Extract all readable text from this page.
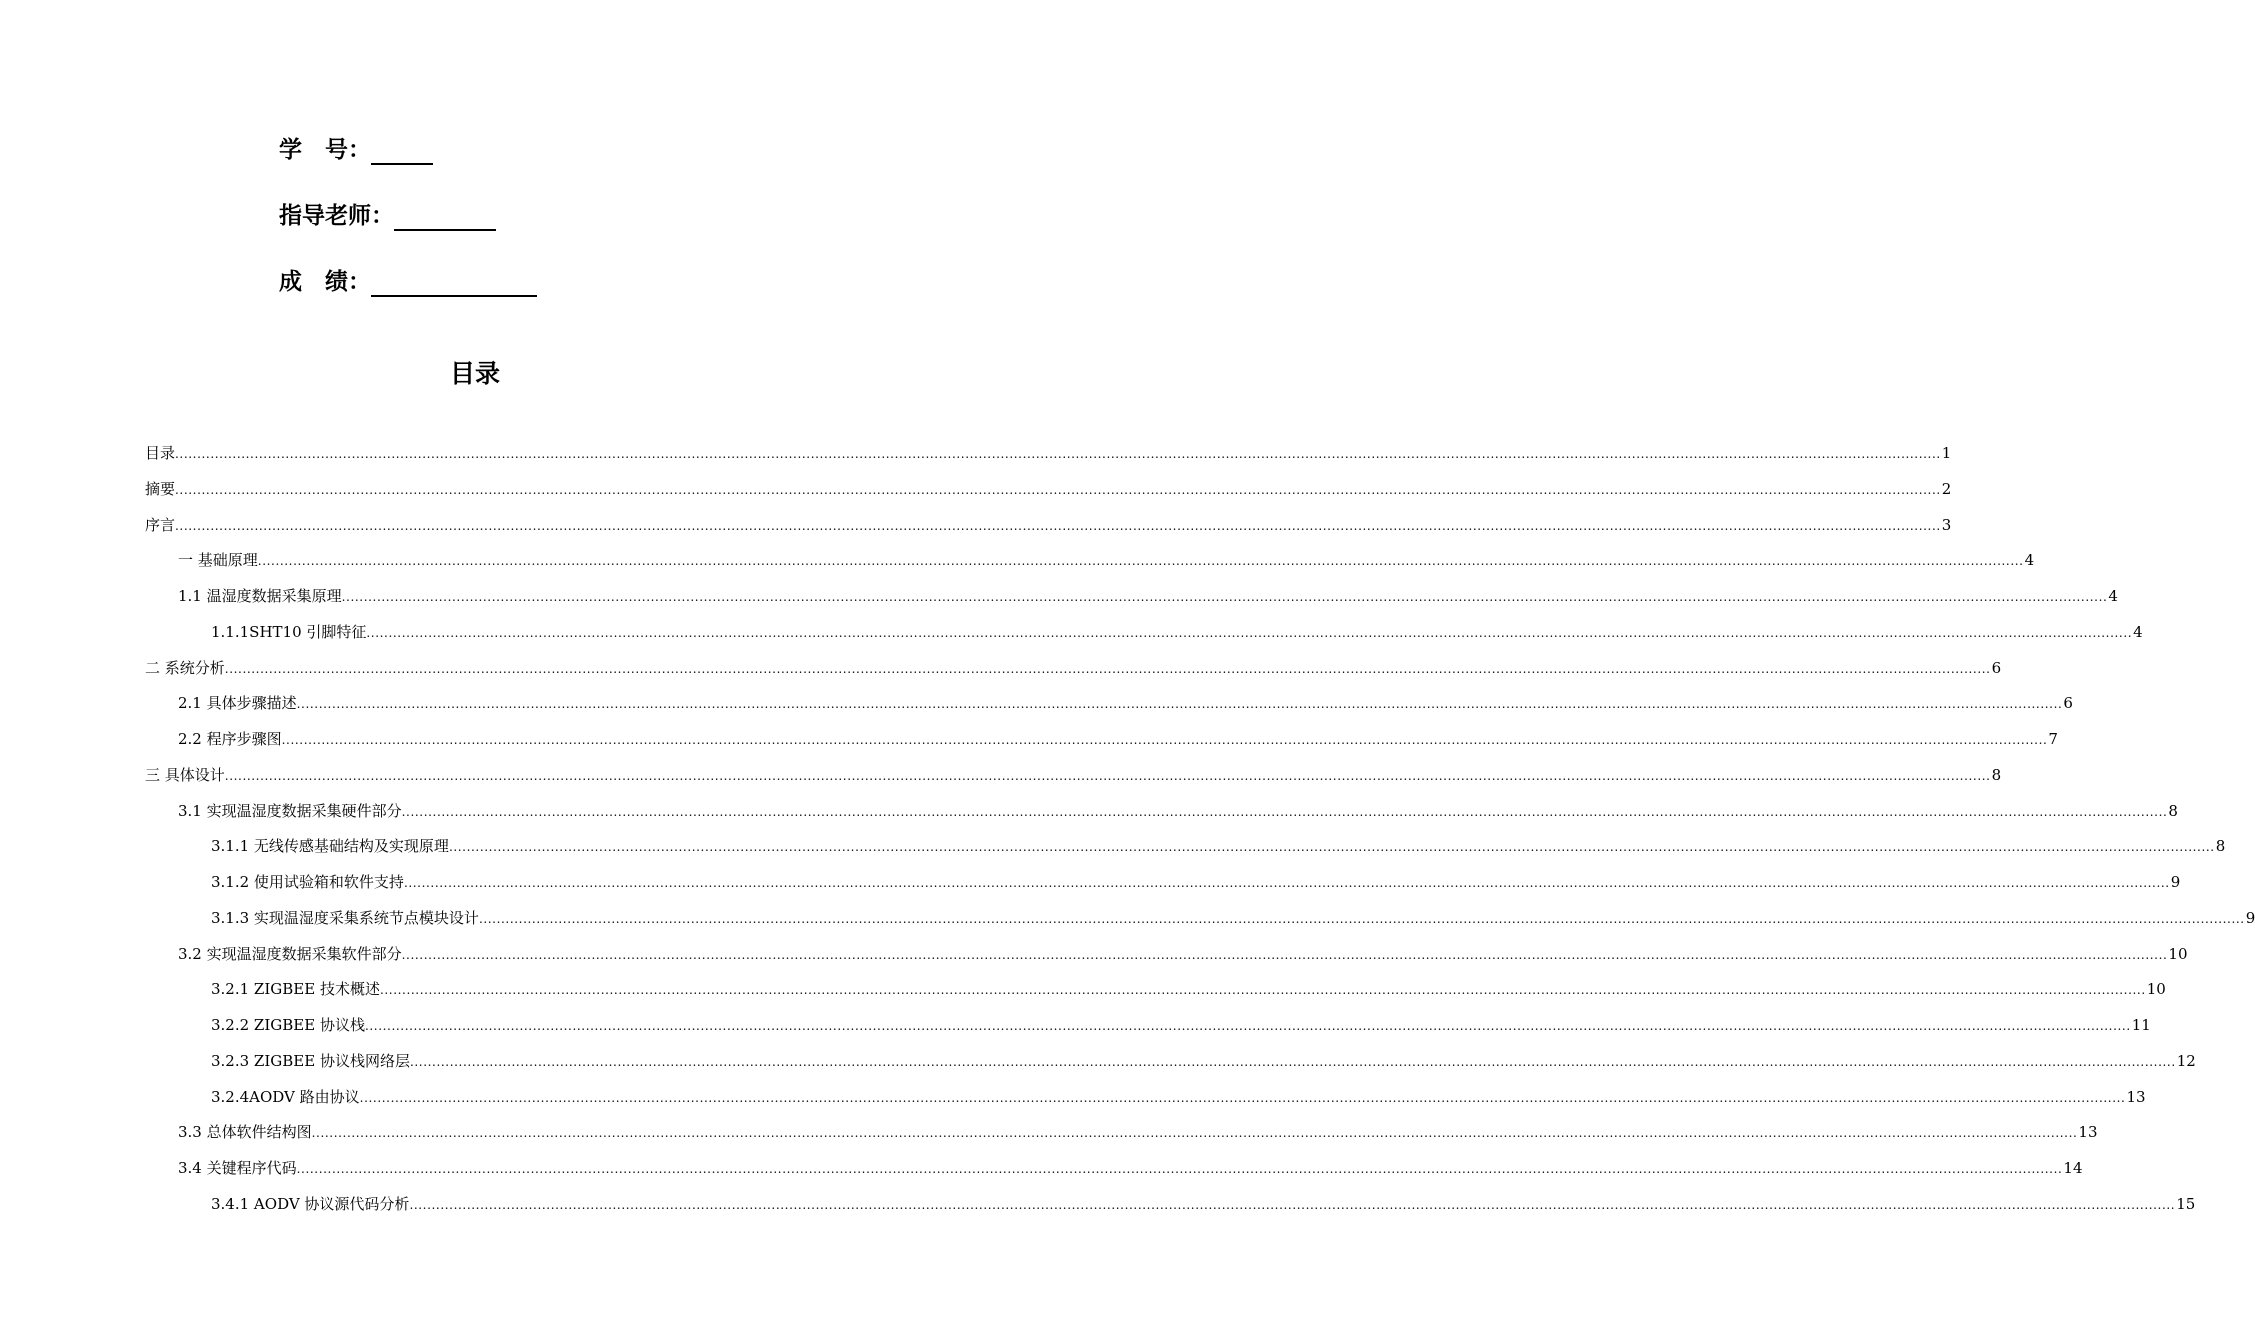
学　号：
指导老师：
成　绩：
目录
目录 ................................................................................................................................................................................................................................................................................................................................................................................................................ 1
摘要 ................................................................................................................................................................................................................................................................................................................................................................................................................ 2
序言 ................................................................................................................................................................................................................................................................................................................................................................................................................ 3
一 基础原理 ................................................................................................................................................................................................................................................................................................................................................................................................................ 4
1.1 温湿度数据采集原理 ................................................................................................................................................................................................................................................................................................................................................................................................................ 4
1.1.1SHT10 引脚特征 ................................................................................................................................................................................................................................................................................................................................................................................................................ 4
二 系统分析 ................................................................................................................................................................................................................................................................................................................................................................................................................ 6
2.1 具体步骤描述 ................................................................................................................................................................................................................................................................................................................................................................................................................ 6
2.2 程序步骤图 ................................................................................................................................................................................................................................................................................................................................................................................................................ 7
三 具体设计 ................................................................................................................................................................................................................................................................................................................................................................................................................ 8
3.1 实现温湿度数据采集硬件部分 ................................................................................................................................................................................................................................................................................................................................................................................................................ 8
3.1.1 无线传感基础结构及实现原理 ................................................................................................................................................................................................................................................................................................................................................................................................................ 8
3.1.2 使用试验箱和软件支持 ................................................................................................................................................................................................................................................................................................................................................................................................................ 9
3.1.3 实现温湿度采集系统节点模块设计 ................................................................................................................................................................................................................................................................................................................................................................................................................ 9
3.2 实现温湿度数据采集软件部分 ................................................................................................................................................................................................................................................................................................................................................................................................................ 10
3.2.1 ZIGBEE 技术概述 ................................................................................................................................................................................................................................................................................................................................................................................................................ 10
3.2.2 ZIGBEE 协议栈 ................................................................................................................................................................................................................................................................................................................................................................................................................ 11
3.2.3 ZIGBEE 协议栈网络层 ................................................................................................................................................................................................................................................................................................................................................................................................................ 12
3.2.4AODV 路由协议 ................................................................................................................................................................................................................................................................................................................................................................................................................ 13
3.3 总体软件结构图 ................................................................................................................................................................................................................................................................................................................................................................................................................ 13
3.4 关键程序代码 ................................................................................................................................................................................................................................................................................................................................................................................................................ 14
3.4.1 AODV 协议源代码分析 ................................................................................................................................................................................................................................................................................................................................................................................................................ 15
